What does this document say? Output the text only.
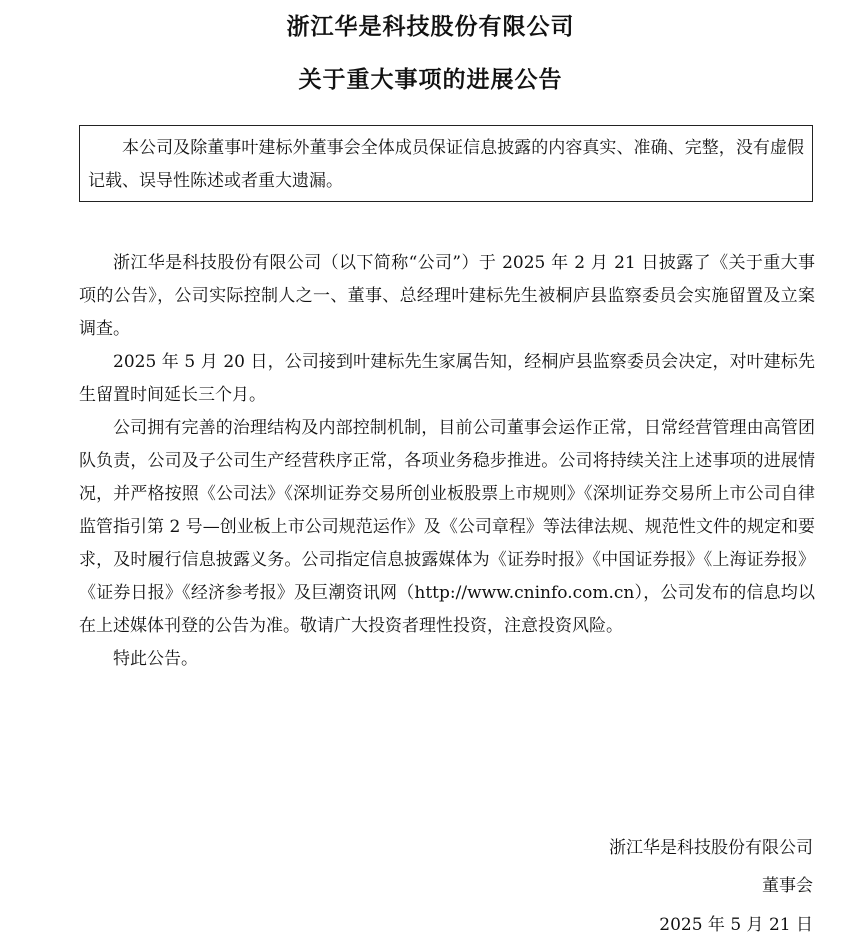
浙江华是科技股份有限公司
关于重大事项的进展公告
本公司及除董事叶建标外董事会全体成员保证信息披露的内容真实、准确、完整，没有虚假记载、误导性陈述或者重大遗漏。

浙江华是科技股份有限公司（以下简称“公司”）于 2025 年 2 月 21 日披露了《关于重大事项的公告》，公司实际控制人之一、董事、总经理叶建标先生被桐庐县监察委员会实施留置及立案调查。

2025 年 5 月 20 日，公司接到叶建标先生家属告知，经桐庐县监察委员会决定，对叶建标先生留置时间延长三个月。

公司拥有完善的治理结构及内部控制机制，目前公司董事会运作正常，日常经营管理由高管团队负责，公司及子公司生产经营秩序正常，各项业务稳步推进。公司将持续关注上述事项的进展情况，并严格按照《公司法》《深圳证券交易所创业板股票上市规则》《深圳证券交易所上市公司自律监管指引第 2 号—创业板上市公司规范运作》及《公司章程》等法律法规、规范性文件的规定和要求，及时履行信息披露义务。公司指定信息披露媒体为《证券时报》《中国证券报》《上海证券报》《证券日报》《经济参考报》及巨潮资讯网（http://www.cninfo.com.cn），公司发布的信息均以在上述媒体刊登的公告为准。敬请广大投资者理性投资，注意投资风险。

特此公告。

浙江华是科技股份有限公司
董事会
2025 年 5 月 21 日
